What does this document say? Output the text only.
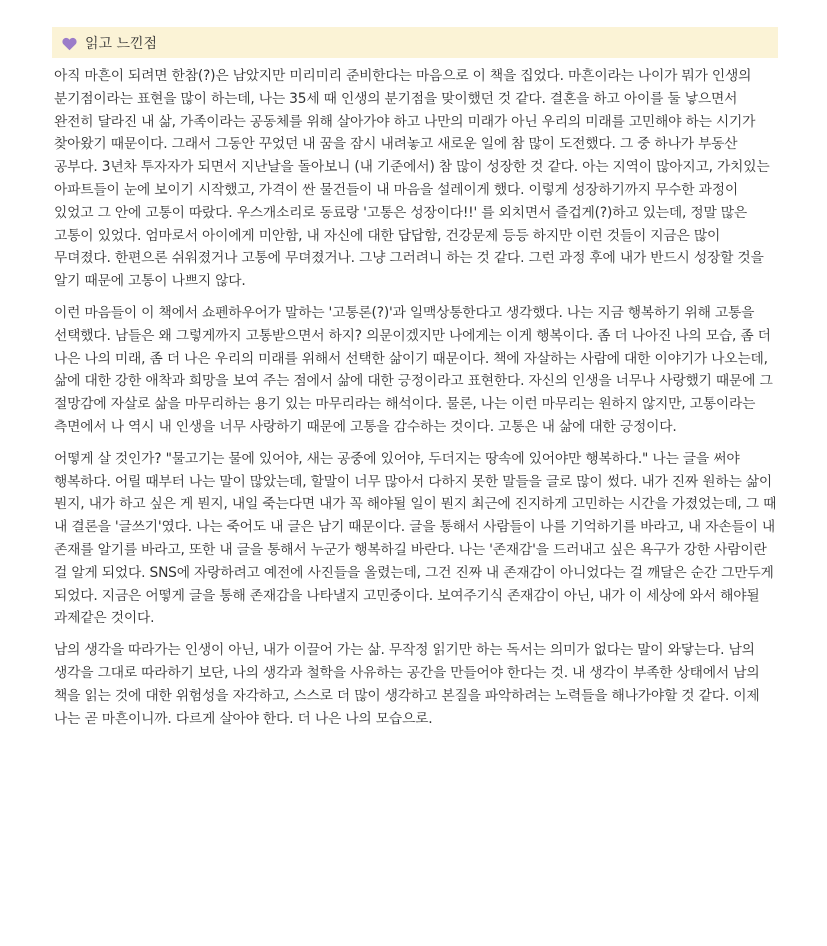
읽고 느낀점

아직 마흔이 되려면 한참(?)은 남았지만 미리미리 준비한다는 마음으로 이 책을 집었다. 마흔이라는 나이가 뭐가 인생의 분기점이라는 표현을 많이 하는데, 나는 35세 때 인생의 분기점을 맞이했던 것 같다. 결혼을 하고 아이를 둘 낳으면서 완전히 달라진 내 삶, 가족이라는 공동체를 위해 살아가야 하고 나만의 미래가 아닌 우리의 미래를 고민해야 하는 시기가 찾아왔기 때문이다. 그래서 그동안 꾸었던 내 꿈을 잠시 내려놓고 새로운 일에 참 많이 도전했다. 그 중 하나가 부동산 공부다. 3년차 투자자가 되면서 지난날을 돌아보니 (내 기준에서) 참 많이 성장한 것 같다. 아는 지역이 많아지고, 가치있는 아파트들이 눈에 보이기 시작했고, 가격이 싼 물건들이 내 마음을 설레이게 했다. 이렇게 성장하기까지 무수한 과정이 있었고 그 안에 고통이 따랐다. 우스개소리로 동료랑 '고통은 성장이다!!' 를 외치면서 즐겁게(?)하고 있는데, 정말 많은 고통이 있었다. 엄마로서 아이에게 미안함, 내 자신에 대한 답답함, 건강문제 등등 하지만 이런 것들이 지금은 많이 무뎌졌다. 한편으론 쉬워졌거나 고통에 무뎌졌거나. 그냥 그러려니 하는 것 같다. 그런 과정 후에 내가 반드시 성장할 것을 알기 때문에 고통이 나쁘지 않다.

이런 마음들이 이 책에서 쇼펜하우어가 말하는 '고통론(?)'과 일맥상통한다고 생각했다. 나는 지금 행복하기 위해 고통을 선택했다. 남들은 왜 그렇게까지 고통받으면서 하지? 의문이겠지만 나에게는 이게 행복이다. 좀 더 나아진 나의 모습, 좀 더 나은 나의 미래, 좀 더 나은 우리의 미래를 위해서 선택한 삶이기 때문이다. 책에 자살하는 사람에 대한 이야기가 나오는데, 삶에 대한 강한 애착과 희망을 보여 주는 점에서 삶에 대한 긍정이라고 표현한다. 자신의 인생을 너무나 사랑했기 때문에 그 절망감에 자살로 삶을 마무리하는 용기 있는 마무리라는 해석이다. 물론, 나는 이런 마무리는 원하지 않지만, 고통이라는 측면에서 나 역시 내 인생을 너무 사랑하기 때문에 고통을 감수하는 것이다. 고통은 내 삶에 대한 긍정이다.

어떻게 살 것인가? "물고기는 물에 있어야, 새는 공중에 있어야, 두더지는 땅속에 있어야만 행복하다." 나는 글을 써야 행복하다. 어릴 때부터 나는 말이 많았는데, 할말이 너무 많아서 다하지 못한 말들을 글로 많이 썼다. 내가 진짜 원하는 삶이 뭔지, 내가 하고 싶은 게 뭔지, 내일 죽는다면 내가 꼭 해야될 일이 뭔지 최근에 진지하게 고민하는 시간을 가졌었는데, 그 때 내 결론을 '글쓰기'였다. 나는 죽어도 내 글은 남기 때문이다. 글을 통해서 사람들이 나를 기억하기를 바라고, 내 자손들이 내 존재를 알기를 바라고, 또한 내 글을 통해서 누군가 행복하길 바란다. 나는 '존재감'을 드러내고 싶은 욕구가 강한 사람이란 걸 알게 되었다. SNS에 자랑하려고 예전에 사진들을 올렸는데, 그건 진짜 내 존재감이 아니었다는 걸 깨달은 순간 그만두게 되었다. 지금은 어떻게 글을 통해 존재감을 나타낼지 고민중이다. 보여주기식 존재감이 아닌, 내가 이 세상에 와서 해야될 과제같은 것이다.

남의 생각을 따라가는 인생이 아닌, 내가 이끌어 가는 삶. 무작정 읽기만 하는 독서는 의미가 없다는 말이 와닿는다. 남의 생각을 그대로 따라하기 보단, 나의 생각과 철학을 사유하는 공간을 만들어야 한다는 것. 내 생각이 부족한 상태에서 남의 책을 읽는 것에 대한 위험성을 자각하고, 스스로 더 많이 생각하고 본질을 파악하려는 노력들을 해나가야할 것 같다. 이제 나는 곧 마흔이니까. 다르게 살아야 한다. 더 나은 나의 모습으로.
